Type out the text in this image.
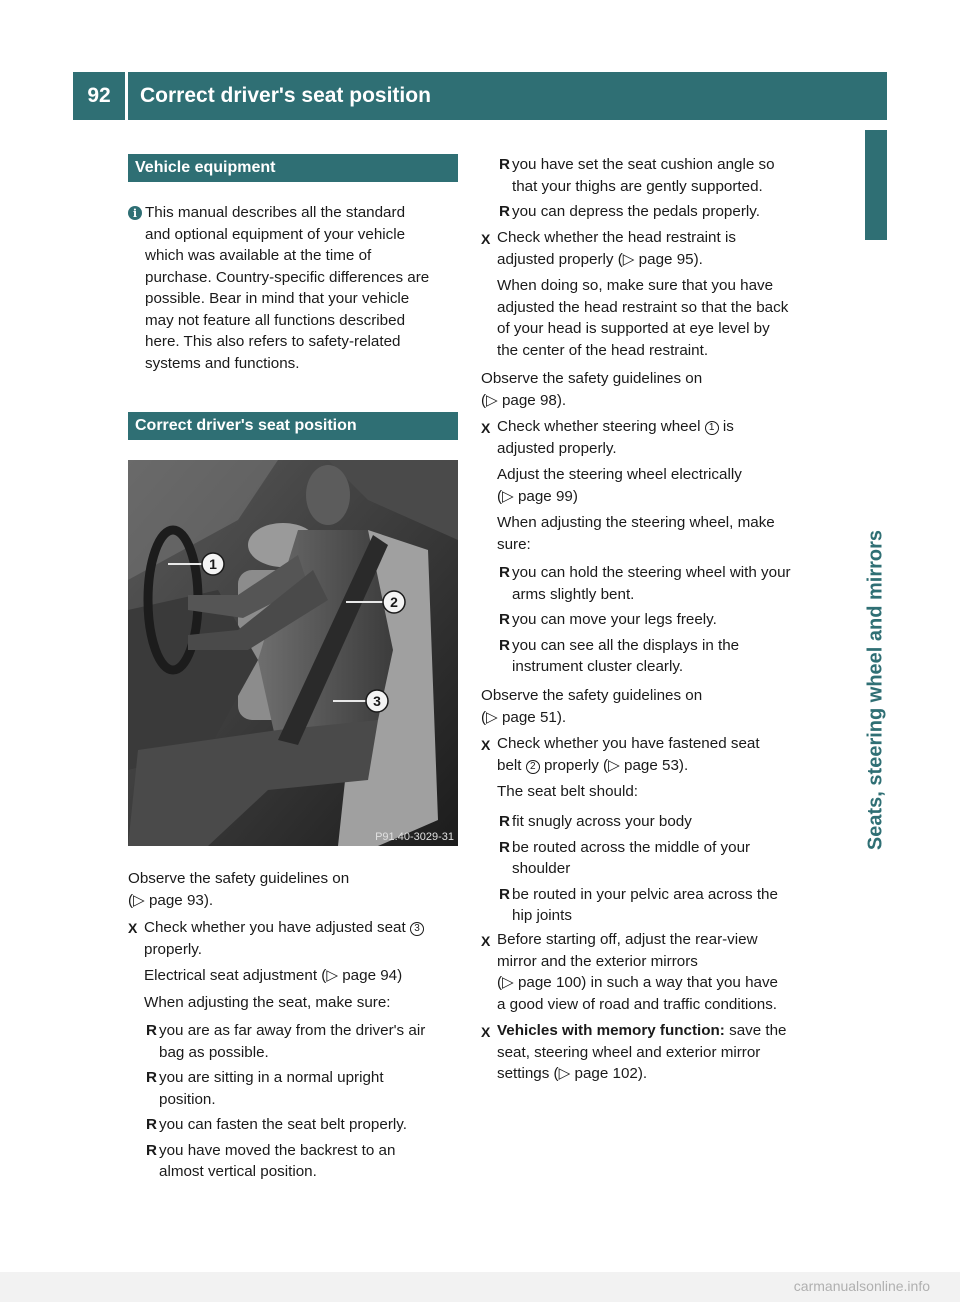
92	Correct driver's seat position
Seats, steering wheel and mirrors
Vehicle equipment
i This manual describes all the standard
and optional equipment of your vehicle
which was available at the time of
purchase. Country-specific differences are
possible. Bear in mind that your vehicle
may not feature all functions described
here. This also refers to safety-related
systems and functions.
Correct driver's seat position
1
2
3
P91.40-3029-31
Observe the safety guidelines on
(▷ page 93).
X Check whether you have adjusted seat 3
properly.
Electrical seat adjustment (▷ page 94)
When adjusting the seat, make sure:
R you are as far away from the driver's air
bag as possible.
R you are sitting in a normal upright
position.
R you can fasten the seat belt properly.
R you have moved the backrest to an
almost vertical position.
R you have set the seat cushion angle so
that your thighs are gently supported.
R you can depress the pedals properly.
X Check whether the head restraint is
adjusted properly (▷ page 95).
When doing so, make sure that you have
adjusted the head restraint so that the back
of your head is supported at eye level by
the center of the head restraint.
Observe the safety guidelines on
(▷ page 98).
X Check whether steering wheel 1 is
adjusted properly.
Adjust the steering wheel electrically
(▷ page 99)
When adjusting the steering wheel, make
sure:
R you can hold the steering wheel with your
arms slightly bent.
R you can move your legs freely.
R you can see all the displays in the
instrument cluster clearly.
Observe the safety guidelines on
(▷ page 51).
X Check whether you have fastened seat
belt 2 properly (▷ page 53).
The seat belt should:
R fit snugly across your body
R be routed across the middle of your
shoulder
R be routed in your pelvic area across the
hip joints
X Before starting off, adjust the rear-view
mirror and the exterior mirrors
(▷ page 100) in such a way that you have
a good view of road and traffic conditions.
X Vehicles with memory function: save the
seat, steering wheel and exterior mirror
settings (▷ page 102).
carmanualsonline.info
